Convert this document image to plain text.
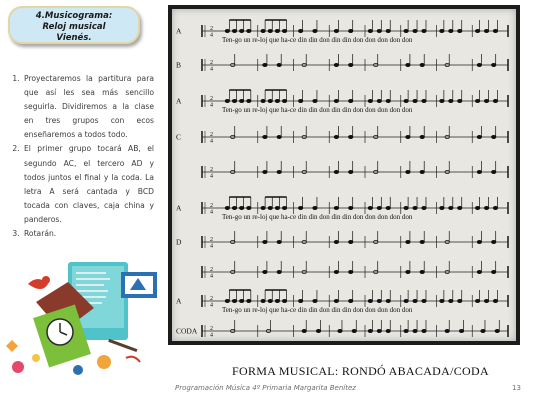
4.Musicograma:
Reloj musical
Vienés.
1. Proyectaremos la partitura para que así les sea más sencillo seguirla. Dividiremos a la clase en tres grupos con ecos enseñaremos a todos todo.
2. El primer grupo tocará AB, el segundo AC, el tercero AD y todos juntos el final y la coda. La letra A será cantada y BCD tocada con claves, caja china y panderos.
3. Rotarán.
2
4
A
Ten-go un re-loj que ha-ce din din don din din don don don don don
2
4
B
2
4
A
Ten-go un re-loj que ha-ce din din don din din don don don don don
2
4
C
2
4
2
4
A
Ten-go un re-loj que ha-ce din din don din din don don don don don
2
4
D
2
4
2
4
A
Ten-go un re-loj que ha-ce din din don din din don don don don don
2
4
CODA
FORMA MUSICAL: RONDÓ ABACADA/CODA
Programación Música 4º Primaria Margarita Benítez	13
